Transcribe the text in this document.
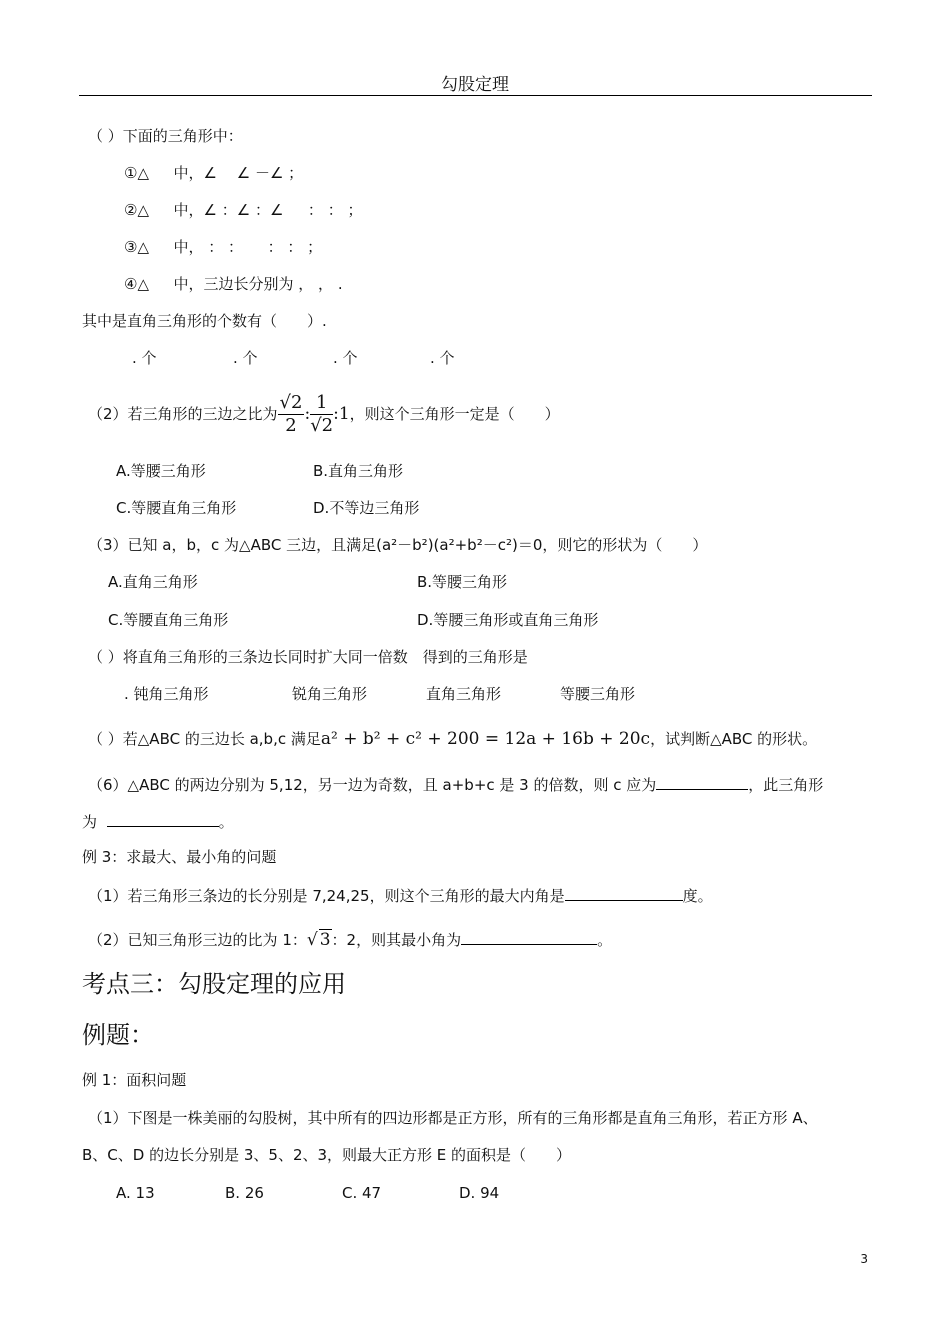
勾股定理
（ ）下面的三角形中：
①△ 　 中，∠ 　∠ －∠ ；
②△ 　 中，∠ ：∠ ：∠ 　 ： ： ；
③△ 　 中， ： ： 　 ： ： ；
④△ 　 中，三边长分别为 ， ， .
其中是直角三角形的个数有（　　）.
. 个	. 个	. 个	. 个
（2）若三角形的三边之比为 $\frac{√2}{2}$ : $\frac{1}{√2}$ :1，则这个三角形一定是（　　）
A.等腰三角形	B.直角三角形
C.等腰直角三角形	D.不等边三角形
（3）已知 a，b，c 为△ABC 三边，且满足(a²－b²)(a²+b²－c²)＝0，则它的形状为（　　）
A.直角三角形	B.等腰三角形
C.等腰直角三角形	D.等腰三角形或直角三角形
（ ）将直角三角形的三条边长同时扩大同一倍数　得到的三角形是
. 钝角三角形	锐角三角形	直角三角形	等腰三角形
（ ）若△ABC 的三边长 a,b,c 满足a² + b² + c² + 200 = 12a + 16b + 20c，试判断△ABC 的形状。
（6）△ABC 的两边分别为 5,12，另一边为奇数，且 a+b+c 是 3 的倍数，则 c 应为	，此三角形
为	。
例 3：求最大、最小角的问题
（1）若三角形三条边的长分别是 7,24,25，则这个三角形的最大内角是	度。
（2）已知三角形三边的比为 1：√ 3：2，则其最小角为	。
考点三：勾股定理的应用
例题：
例 1：面积问题
（1）下图是一株美丽的勾股树，其中所有的四边形都是正方形，所有的三角形都是直角三角形，若正方形 A、
B、C、D 的边长分别是 3、5、2、3，则最大正方形 E 的面积是（　　）
A. 13	B. 26	C. 47	D. 94
3
